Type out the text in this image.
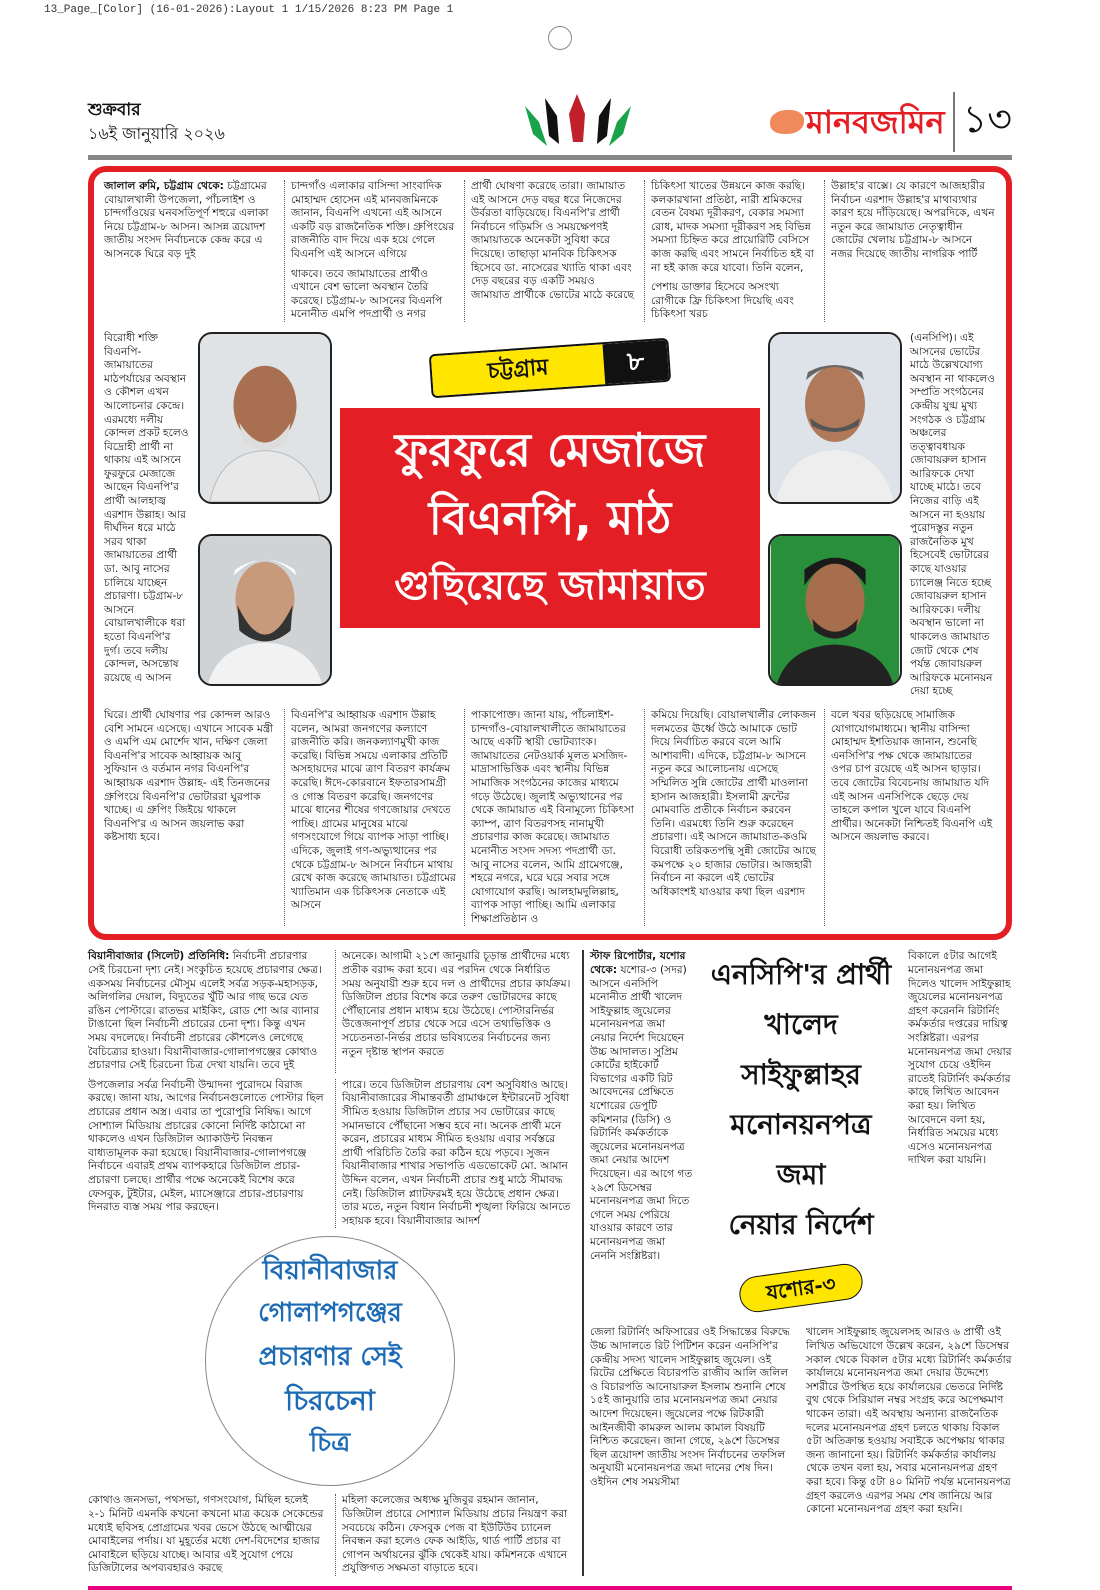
13_Page_[Color] (16-01-2026):Layout 1 1/15/2026 8:23 PM Page 1
শুক্রবার
১৬ই জানুয়ারি ২০২৬	মানবজমিন ১৩
জালাল রুমি, চট্টগ্রাম থেকে: চট্টগ্রামের বোয়ালখালী উপজেলা, পাঁচলাইশ ও চান্দগাঁওয়ের ঘনবসতিপূর্ণ শহুরে এলাকা নিয়ে চট্টগ্রাম-৮ আসন। আসন্ন ত্রয়োদশ জাতীয় সংসদ নির্বাচনকে কেন্দ্র করে এ আসনকে ঘিরে বড় দুই
চান্দগাঁও এলাকার বাসিন্দা সাংবাদিক মোহাম্মদ হোসেন এই মানবজমিনকে জানান, বিএনপি এখনো এই আসনে একটি বড় রাজনৈতিক শক্তি। গ্রুপিংয়ের রাজনীতি বাদ দিয়ে এক হয়ে গেলে বিএনপি এই আসনে এগিয়ে
থাকবে। তবে জামায়াতের প্রার্থীও এখানে বেশ ভালো অবস্থান তৈরি করেছে। চট্টগ্রাম-৮ আসনের বিএনপি মনোনীত এমপি পদপ্রার্থী ও নগর
প্রার্থী ঘোষণা করেছে তারা। জামায়াত এই আসনে দেড় বছর ধরে নিজেদের উর্বরতা বাড়িয়েছে। বিএনপি'র প্রার্থী নির্বাচনে গড়িমসি ও সময়ক্ষেপণই জামায়াতকে অনেকটা সুবিধা করে দিয়েছে। তাছাড়া মানবিক চিকিৎসক হিসেবে ডা. নাসেরের খ্যাতি থাকা এবং দেড় বছরের বড় একটি সময়ও জামায়াত প্রার্থীকে ভোটের মাঠে করেছে
চিকিৎসা খাতের উন্নয়নে কাজ করছি। কলকারখানা প্রতিষ্ঠা, নারী শ্রমিকদের বেতন বৈষম্য দূরীকরণ, বেকার সমস্যা রোধ, মাদক সমস্যা দূরীকরণ সহ বিভিন্ন সমস্যা চিহ্নিত করে প্রায়োরিটি বেসিসে কাজ করছি এবং সামনে নির্বাচিত হই বা না হই কাজ করে যাবো। তিনি বলেন,
পেশায় ডাক্তার হিসেবে অসংখ্য রোগীকে ফ্রি চিকিৎসা দিয়েছি এবং চিকিৎসা খরচ
উল্লাহ'র বাক্সে। যে কারণে আজহারীর নির্বাচন এরশাদ উল্লাহ'র মাথাব্যথার কারণ হয়ে দাঁড়িয়েছে। অপরদিকে, এখন নতুন করে জামায়াত নেতৃত্বাধীন জোটের খেলায় চট্টগ্রাম-৮ আসনে নজর দিয়েছে জাতীয় নাগরিক পার্টি
বিরোধী শক্তি বিএনপি-জামায়াতের মাঠপর্যায়ের অবস্থান ও কৌশল এখন আলোচনার কেন্দ্রে। এরমধ্যে দলীয় কোন্দল প্রকট হলেও বিদ্রোহী প্রার্থী না থাকায় এই আসনে ফুরফুরে মেজাজে আছেন বিএনপি'র প্রার্থী আলহাজ্ব এরশাদ উল্লাহ। আর দীর্ঘদিন ধরে মাঠে সরব থাকা জামায়াতের প্রার্থী ডা. আবু নাসের চালিয়ে যাচ্ছেন প্রচারণা। চট্টগ্রাম-৮ আসনে বোয়ালখালীকে ধরা হতো বিএনপি'র দুর্গ। তবে দলীয় কোন্দল, অসন্তোষ রয়েছে এ আসন
চট্টগ্রাম	৮
ফুরফুরে মেজাজে
বিএনপি, মাঠ
গুছিয়েছে জামায়াত
(এনসিপি)। এই আসনের ভোটের মাঠে উল্লেখযোগ্য অবস্থান না থাকলেও সম্প্রতি সংগঠনের কেন্দ্রীয় যুগ্ম মুখ্য সংগঠক ও চট্টগ্রাম অঞ্চলের তত্ত্বাবধায়ক জোবায়রুল হাসান আরিফকে দেখা যাচ্ছে মাঠে। তবে নিজের বাড়ি এই আসনে না হওয়ায় পুরোদস্তুর নতুন রাজনৈতিক মুখ হিসেবেই ভোটারের কাছে যাওয়ার চ্যালেঞ্জ নিতে হচ্ছে জোবায়রুল হাসান আরিফকে। দলীয় অবস্থান ভালো না থাকলেও জামায়াত জোট থেকে শেষ পর্যন্ত জোবায়রুল আরিফকে মনোনয়ন দেয়া হচ্ছে
ঘিরে। প্রার্থী ঘোষণার পর কোন্দল আরও বেশি সামনে এসেছে। এখানে সাবেক মন্ত্রী ও এমপি এম মোর্শেদ খান, দক্ষিণ জেলা বিএনপি'র সাবেক আহ্বায়ক আবু সুফিয়ান ও বর্তমান নগর বিএনপি'র আহ্বায়ক এরশাদ উল্লাহ- এই তিনজনের গ্রুপিংয়ে বিএনপি'র ভোটাররা ঘুরপাক খাচ্ছে। এ গ্রুপিং জিইয়ে থাকলে বিএনপি'র এ আসন জয়লাভ করা কষ্টসাধ্য হবে।
বিএনপি'র আহ্বায়ক এরশাদ উল্লাহ বলেন, আমরা জনগণের কল্যাণে রাজনীতি করি। জনকল্যাণমুখী কাজ করেছি। বিভিন্ন সময়ে এলাকার প্রতিটি অসহায়দের মাঝে ত্রাণ বিতরণ কার্যক্রম করেছি। ঈদে-কোরবানে ইফতারসামগ্রী ও গোস্ত বিতরণ করেছি। জনগণের মাঝে ধানের শীষের গণজোয়ার দেখতে পাচ্ছি। গ্রামের মানুষের মাঝে গণসংযোগে গিয়ে ব্যাপক সাড়া পাচ্ছি। এদিকে, জুলাই গণ-অভ্যুত্থানের পর থেকে চট্টগ্রাম-৮ আসনে নির্বাচন মাথায় রেখে কাজ করেছে জামায়াত। চট্টগ্রামের খ্যাতিমান এক চিকিৎসক নেতাকে এই আসনে
পাকাপোক্ত। জানা যায়, পাঁচলাইশ-চান্দগাঁও-বোয়ালখালীতে জামায়াতের আছে একটি স্থায়ী ভোটব্যাংক। জামায়াতের নেটওয়ার্ক মূলত মসজিদ-মাদ্রাসাভিত্তিক এবং স্থানীয় বিভিন্ন সামাজিক সংগঠনের কাজের মাধ্যমে গড়ে উঠেছে। জুলাই অভ্যুত্থানের পর থেকে জামায়াত এই বিনামূল্যে চিকিৎসা ক্যাম্প, ত্রাণ বিতরণসহ নানামুখী প্রচারণার কাজ করেছে। জামায়াত মনোনীত সংসদ সদস্য পদপ্রার্থী ডা. আবু নাসের বলেন, আমি গ্রামেগঞ্জে, শহরে নগরে, ঘরে ঘরে সবার সঙ্গে যোগাযোগ করছি। আলহামদুলিল্লাহ, ব্যাপক সাড়া পাচ্ছি। আমি এলাকার শিক্ষাপ্রতিষ্ঠান ও
কমিয়ে দিয়েছি। বোয়ালখালীর লোকজন দলমতের ঊর্ধ্বে উঠে আমাকে ভোট দিয়ে নির্বাচিত করবে বলে আমি আশাবাদী। এদিকে, চট্টগ্রাম-৮ আসনে নতুন করে আলোচনায় এসেছে সম্মিলিত সুন্নি জোটের প্রার্থী মাওলানা হাসান আজহারী। ইসলামী ফ্রন্টের মোমবাতি প্রতীকে নির্বাচন করবেন তিনি। এরমধ্যে তিনি শুরু করেছেন প্রচারণা। এই আসনে জামায়াত-কওমি বিরোধী তরিকতপন্থি সুন্নী জোটের আছে কমপক্ষে ২০ হাজার ভোটার। আজহারী নির্বাচন না করলে এই ভোটের অধিকাংশই যাওয়ার কথা ছিল এরশাদ
বলে খবর ছড়িয়েছে সামাজিক যোগাযোগমাধ্যমে। স্থানীয় বাসিন্দা মোহাম্মদ ইশতিয়াক জানান, শুনেছি এনসিপি'র পক্ষ থেকে জামায়াতের ওপর চাপ রয়েছে এই আসন ছাড়ার। তবে জোটের বিবেচনায় জামায়াত যদি এই আসন এনসিপিকে ছেড়ে দেয় তাহলে কপাল খুলে যাবে বিএনপি প্রার্থীর। অনেকটা নিশ্চিতই বিএনপি এই আসনে জয়লাভ করবে।
বিয়ানীবাজার (সিলেট) প্রতিনিধি: নির্বাচনী প্রচারণার সেই চিরচেনা দৃশ্য নেই। সংকুচিত হয়েছে প্রচারণার ক্ষেত্র। একসময় নির্বাচনের মৌসুম এলেই সর্বত্র সড়ক-মহাসড়ক, অলিগলির দেয়াল, বিদ্যুতের খুঁটি আর গাছ ভরে যেত রঙিন পোস্টারে। রাতভর মাইকিং, রোড শো আর ব্যানার টাঙানো ছিল নির্বাচনী প্রচারের চেনা দৃশ্য। কিন্তু এখন সময় বদলেছে। নির্বাচনী প্রচারের কৌশলেও লেগেছে বৈচিত্র্যের হাওয়া। বিয়ানীবাজার-গোলাপগঞ্জের কোথাও প্রচারণার সেই চিরচেনা চিত্র দেখা যায়নি। তবে দুই
অনেকে। আগামী ২১শে জানুয়ারি চূড়ান্ত প্রার্থীদের মধ্যে প্রতীক বরাদ্দ করা হবে। এর পরদিন থেকে নির্ধারিত সময় অনুযায়ী শুরু হবে দল ও প্রার্থীদের প্রচার কার্যক্রম। ডিজিটাল প্রচার বিশেষ করে তরুণ ভোটারদের কাছে পৌঁছানোর প্রধান মাধ্যম হয়ে উঠেছে। পোস্টারনির্ভর উত্তেজনাপূর্ণ প্রচার থেকে সরে এসে তথ্যভিত্তিক ও সচেতনতা-নির্ভর প্রচার ভবিষ্যতের নির্বাচনের জন্য নতুন দৃষ্টান্ত স্থাপন করতে
উপজেলার সর্বত্র নির্বাচনী উন্মাদনা পুরোদমে বিরাজ করছে। জানা যায়, আগের নির্বাচনগুলোতে পোস্টার ছিল প্রচারের প্রধান অস্ত্র। এবার তা পুরোপুরি নিষিদ্ধ। আগে সোশ্যাল মিডিয়ায় প্রচারের কোনো নির্দিষ্ট কাঠামো না থাকলেও এখন ডিজিটাল অ্যাকাউন্ট নিবন্ধন বাধ্যতামূলক করা হয়েছে। বিয়ানীবাজার-গোলাপগঞ্জে নির্বাচনে এবারই প্রথম ব্যাপকহারে ডিজিটাল প্রচার-প্রচারণা চলছে। প্রার্থীর পক্ষে অনেকেই বিশেষ করে ফেসবুক, টুইটার, মেইল, ম্যাসেঞ্জারে প্রচার-প্রচারণায় দিনরাত ব্যস্ত সময় পার করছেন।
পারে। তবে ডিজিটাল প্রচারণায় বেশ অসুবিধাও আছে। বিয়ানীবাজারের সীমান্তবর্তী গ্রামাঞ্চলে ইন্টারনেট সুবিধা সীমিত হওয়ায় ডিজিটাল প্রচার সব ভোটারের কাছে সমানভাবে পৌঁছানো সম্ভব হবে না। অনেক প্রার্থী মনে করেন, প্রচারের মাধ্যম সীমিত হওয়ায় এবার সর্বস্তরে প্রার্থী পরিচিতি তৈরি করা কঠিন হয়ে পড়বে। সুজন বিয়ানীবাজার শাখার সভাপতি এডভোকেট মো. আমান উদ্দিন বলেন, এখন নির্বাচনী প্রচার শুধু মাঠে সীমাবদ্ধ নেই। ডিজিটাল প্ল্যাটফরমই হয়ে উঠেছে প্রধান ক্ষেত্র। তার মতে, নতুন বিধান নির্বাচনী শৃঙ্খলা ফিরিয়ে আনতে সহায়ক হবে। বিয়ানীবাজার আদর্শ
বিয়ানীবাজার
গোলাপগঞ্জের
প্রচারণার সেই
চিরচেনা
চিত্র
কোথাও জনসভা, পথসভা, গণসংযোগ, মিছিল হলেই ২-১ মিনিট এমনকি কখনো কখনো মাত্র কয়েক সেকেন্ডের মধ্যেই ছবিসহ প্রোগ্রামের খবর ভেসে উঠছে আত্মীয়ের মোবাইলের পর্দায়। যা মুহূর্তের মধ্যে দেশ-বিদেশের হাজার মোবাইলে ছড়িয়ে যাচ্ছে। আবার এই সুযোগ পেয়ে ডিজিটালের অপব্যবহারও করছে
মহিলা কলেজের অধ্যক্ষ মুজিবুর রহমান জানান, ডিজিটাল প্রচারে সোশ্যাল মিডিয়ায় প্রচার নিয়ন্ত্রণ করা সবচেয়ে কঠিন। ফেসবুক পেজ বা ইউটিউব চ্যানেল নিবন্ধন করা হলেও ফেক আইডি, থার্ড পার্টি প্রচার বা গোপন অর্থায়নের ঝুঁকি থেকেই যায়। কমিশনকে এখানে প্রযুক্তিগত সক্ষমতা বাড়াতে হবে।
স্টাফ রিপোর্টার, যশোর থেকে: যশোর-৩ (সদর) আসনে এনসিপি মনোনীত প্রার্থী খালেদ সাইফুল্লাহ জুয়েলের মনোনয়নপত্র জমা নেয়ার নির্দেশ দিয়েছেন উচ্চ আদালত। সুপ্রিম কোর্টের হাইকোর্ট বিভাগের একটি রিট আবেদনের প্রেক্ষিতে যশোরের ডেপুটি কমিশনার (ডিসি) ও রিটার্নিং কর্মকর্তাকে জুয়েলের মনোনয়নপত্র জমা নেয়ার আদেশ দিয়েছেন। এর আগে গত ২৯শে ডিসেম্বর মনোনয়নপত্র জমা দিতে গেলে সময় পেরিয়ে যাওয়ার কারণে তার মনোনয়নপত্র জমা নেননি সংশ্লিষ্টরা।
এনসিপি'র প্রার্থী
খালেদ সাইফুল্লাহর
মনোনয়নপত্র জমা
নেয়ার নির্দেশ
যশোর-৩
বিকালে ৫টার আগেই মনোনয়নপত্র জমা দিলেও খালেদ সাইফুল্লাহ জুয়েলের মনোনয়নপত্র গ্রহণ করেননি রিটার্নিং কর্মকর্তার দপ্তরের দায়িত্ব সংশ্লিষ্টরা। এরপর মনোনয়নপত্র জমা দেয়ার সুযোগ চেয়ে ওইদিন রাতেই রিটার্নিং কর্মকর্তার কাছে লিখিত আবেদন করা হয়। লিখিত আবেদনে বলা হয়, নির্ধারিত সময়ের মধ্যে এসেও মনোনয়নপত্র দাখিল করা যায়নি।
জেলা রিটার্নিং অফিসারের ওই সিদ্ধান্তের বিরুদ্ধে উচ্চ আদালতে রিট পিটিশন করেন এনসিপি'র কেন্দ্রীয় সদস্য খালেদ সাইফুল্লাহ জুয়েল। ওই রিটের প্রেক্ষিতে বিচারপতি রাজীব আলি জলিল ও বিচারপতি আনোয়ারুল ইসলাম শুনানি শেষে ১৫ই জানুয়ারি তার মনোনয়নপত্র জমা নেয়ার আদেশ দিয়েছেন। জুয়েলের পক্ষে রিটকারী আইনজীবী কামরুল আলম কামাল বিষয়টি নিশ্চিত করেছেন। জানা গেছে, ২৯শে ডিসেম্বর ছিল ত্রয়োদশ জাতীয় সংসদ নির্বাচনের তফসিল অনুযায়ী মনোনয়নপত্র জমা দানের শেষ দিন। ওইদিন শেষ সময়সীমা
খালেদ সাইফুল্লাহ জুয়েলসহ আরও ৬ প্রার্থী ওই লিখিত অভিযোগে উল্লেখ করেন, ২৯শে ডিসেম্বর সকাল থেকে বিকাল ৫টার মধ্যে রিটার্নিং কর্মকর্তার কার্যালয়ে মনোনয়নপত্র জমা দেয়ার উদ্দেশ্যে সশরীরে উপস্থিত হয়ে কার্যালয়ের ভেতরে নির্দিষ্ট বুথ থেকে সিরিয়াল নম্বর সংগ্রহ করে অপেক্ষমাণ থাকেন তারা। এই অবস্থায় অন্যান্য রাজনৈতিক দলের মনোনয়নপত্র গ্রহণ চলতে থাকায় বিকাল ৫টা অতিক্রান্ত হওয়ায় সবাইকে অপেক্ষায় থাকার জন্য জানানো হয়। রিটার্নিং কর্মকর্তার কার্যালয় থেকে তখন বলা হয়, সবার মনোনয়নপত্র গ্রহণ করা হবে। কিন্তু ৫টা ৪০ মিনিট পর্যন্ত মনোনয়নপত্র গ্রহণ করলেও এরপর সময় শেষ জানিয়ে আর কোনো মনোনয়নপত্র গ্রহণ করা হয়নি।
